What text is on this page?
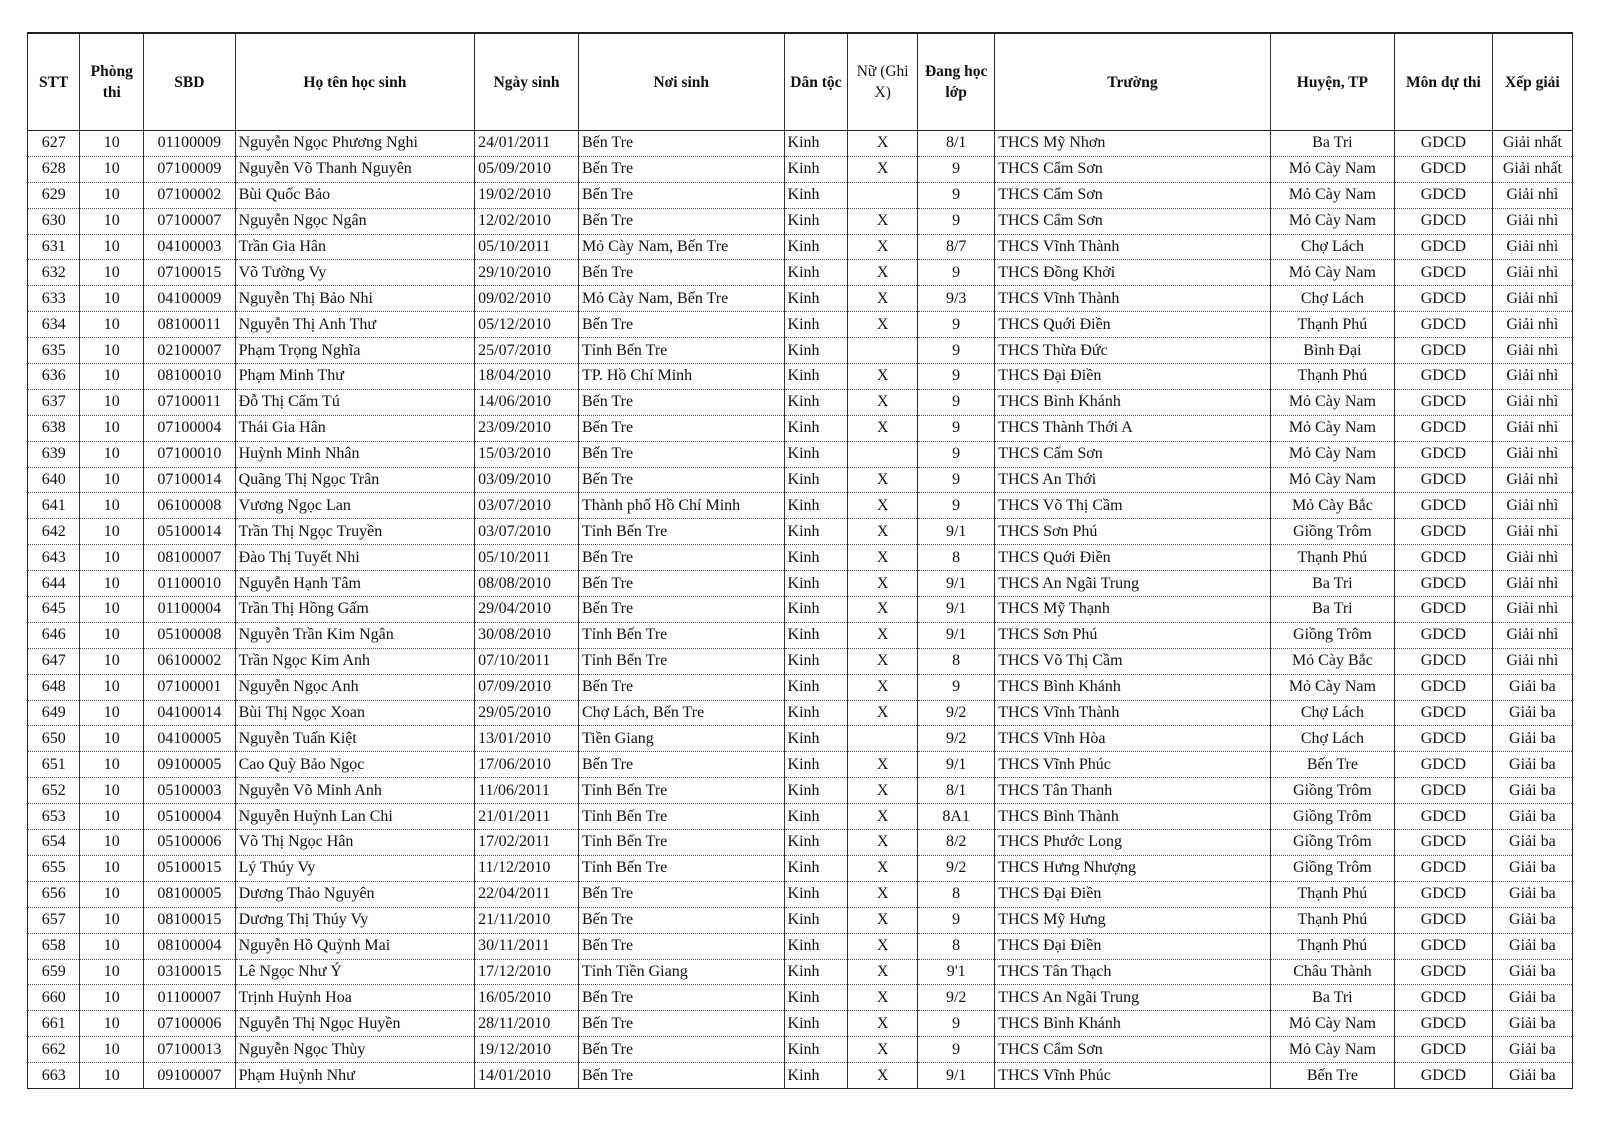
STT	Phòng thi	SBD	Họ tên học sinh	Ngày sinh	Nơi sinh	Dân tộc	Nữ (Ghi X)	Đang học lớp	Trường	Huyện, TP	Môn dự thi	Xếp giải
627	10	01100009	Nguyễn Ngọc Phương Nghi	24/01/2011	Bến Tre	Kinh	X	8/1	THCS Mỹ Nhơn	Ba Tri	GDCD	Giải nhất
628	10	07100009	Nguyễn Võ Thanh Nguyên	05/09/2010	Bến Tre	Kinh	X	9	THCS Cẩm Sơn	Mỏ Cày Nam	GDCD	Giải nhất
629	10	07100002	Bùi Quốc Bảo	19/02/2010	Bến Tre	Kinh		9	THCS Cẩm Sơn	Mỏ Cày Nam	GDCD	Giải nhì
630	10	07100007	Nguyễn Ngọc Ngân	12/02/2010	Bến Tre	Kinh	X	9	THCS Cẩm Sơn	Mỏ Cày Nam	GDCD	Giải nhì
631	10	04100003	Trần Gia Hân	05/10/2011	Mỏ Cày Nam, Bến Tre	Kinh	X	8/7	THCS Vĩnh Thành	Chợ Lách	GDCD	Giải nhì
632	10	07100015	Võ Tường Vy	29/10/2010	Bến Tre	Kinh	X	9	THCS Đồng Khởi	Mỏ Cày Nam	GDCD	Giải nhì
633	10	04100009	Nguyễn Thị Bảo Nhi	09/02/2010	Mỏ Cày Nam, Bến Tre	Kinh	X	9/3	THCS Vĩnh Thành	Chợ Lách	GDCD	Giải nhì
634	10	08100011	Nguyễn Thị Anh Thư	05/12/2010	Bến Tre	Kinh	X	9	THCS Quới Điền	Thạnh Phú	GDCD	Giải nhì
635	10	02100007	Phạm Trọng Nghĩa	25/07/2010	Tỉnh Bến Tre	Kinh		9	THCS Thừa Đức	Bình Đại	GDCD	Giải nhì
636	10	08100010	Phạm Minh Thư	18/04/2010	TP. Hồ Chí Minh	Kinh	X	9	THCS Đại Điền	Thạnh Phú	GDCD	Giải nhì
637	10	07100011	Đỗ Thị Cẩm Tú	14/06/2010	Bến Tre	Kinh	X	9	THCS Bình Khánh	Mỏ Cày Nam	GDCD	Giải nhì
638	10	07100004	Thái Gia Hân	23/09/2010	Bến Tre	Kinh	X	9	THCS Thành Thới A	Mỏ Cày Nam	GDCD	Giải nhì
639	10	07100010	Huỳnh Minh Nhân	15/03/2010	Bến Tre	Kinh		9	THCS Cẩm Sơn	Mỏ Cày Nam	GDCD	Giải nhì
640	10	07100014	Quãng Thị Ngọc Trân	03/09/2010	Bến Tre	Kinh	X	9	THCS An Thới	Mỏ Cày Nam	GDCD	Giải nhì
641	10	06100008	Vương Ngọc Lan	03/07/2010	Thành phố Hồ Chí Minh	Kinh	X	9	THCS Võ Thị Cầm	Mỏ Cày Bắc	GDCD	Giải nhì
642	10	05100014	Trần Thị Ngọc Truyền	03/07/2010	Tỉnh Bến Tre	Kinh	X	9/1	THCS Sơn Phú	Giồng Trôm	GDCD	Giải nhì
643	10	08100007	Đào Thị Tuyết Nhi	05/10/2011	Bến Tre	Kinh	X	8	THCS Quới Điền	Thạnh Phú	GDCD	Giải nhì
644	10	01100010	Nguyễn Hạnh Tâm	08/08/2010	Bến Tre	Kinh	X	9/1	THCS An Ngãi Trung	Ba Tri	GDCD	Giải nhì
645	10	01100004	Trần Thị Hồng Gấm	29/04/2010	Bến Tre	Kinh	X	9/1	THCS Mỹ Thạnh	Ba Tri	GDCD	Giải nhì
646	10	05100008	Nguyễn Trần Kim Ngân	30/08/2010	Tỉnh Bến Tre	Kinh	X	9/1	THCS Sơn Phú	Giồng Trôm	GDCD	Giải nhì
647	10	06100002	Trần Ngọc Kim Anh	07/10/2011	Tỉnh Bến Tre	Kinh	X	8	THCS Võ Thị Cầm	Mỏ Cày Bắc	GDCD	Giải nhì
648	10	07100001	Nguyễn Ngọc Anh	07/09/2010	Bến Tre	Kinh	X	9	THCS Bình Khánh	Mỏ Cày Nam	GDCD	Giải ba
649	10	04100014	Bùi Thị Ngọc Xoan	29/05/2010	Chợ Lách, Bến Tre	Kinh	X	9/2	THCS Vĩnh Thành	Chợ Lách	GDCD	Giải ba
650	10	04100005	Nguyễn Tuấn Kiệt	13/01/2010	Tiền Giang	Kinh		9/2	THCS Vĩnh Hòa	Chợ Lách	GDCD	Giải ba
651	10	09100005	Cao Quỳ Bảo Ngọc	17/06/2010	Bến Tre	Kinh	X	9/1	THCS Vĩnh Phúc	Bến Tre	GDCD	Giải ba
652	10	05100003	Nguyễn Võ Minh Anh	11/06/2011	Tỉnh Bến Tre	Kinh	X	8/1	THCS Tân Thanh	Giồng Trôm	GDCD	Giải ba
653	10	05100004	Nguyễn Huỳnh Lan Chi	21/01/2011	Tỉnh Bến Tre	Kinh	X	8A1	THCS Bình Thành	Giồng Trôm	GDCD	Giải ba
654	10	05100006	Võ Thị Ngọc Hân	17/02/2011	Tỉnh Bến Tre	Kinh	X	8/2	THCS Phước Long	Giồng Trôm	GDCD	Giải ba
655	10	05100015	Lý Thúy Vy	11/12/2010	Tỉnh Bến Tre	Kinh	X	9/2	THCS Hưng Nhượng	Giồng Trôm	GDCD	Giải ba
656	10	08100005	Dương Thảo Nguyên	22/04/2011	Bến Tre	Kinh	X	8	THCS Đại Điền	Thạnh Phú	GDCD	Giải ba
657	10	08100015	Dương Thị Thúy Vy	21/11/2010	Bến Tre	Kinh	X	9	THCS Mỹ Hưng	Thạnh Phú	GDCD	Giải ba
658	10	08100004	Nguyễn Hồ Quỳnh Mai	30/11/2011	Bến Tre	Kinh	X	8	THCS Đại Điền	Thạnh Phú	GDCD	Giải ba
659	10	03100015	Lê Ngọc Như Ý	17/12/2010	Tỉnh Tiền Giang	Kinh	X	9'1	THCS Tân Thạch	Châu Thành	GDCD	Giải ba
660	10	01100007	Trịnh Huỳnh Hoa	16/05/2010	Bến Tre	Kinh	X	9/2	THCS An Ngãi Trung	Ba Tri	GDCD	Giải ba
661	10	07100006	Nguyễn Thị Ngọc Huyền	28/11/2010	Bến Tre	Kinh	X	9	THCS Bình Khánh	Mỏ Cày Nam	GDCD	Giải ba
662	10	07100013	Nguyễn Ngọc Thùy	19/12/2010	Bến Tre	Kinh	X	9	THCS Cẩm Sơn	Mỏ Cày Nam	GDCD	Giải ba
663	10	09100007	Phạm Huỳnh Như	14/01/2010	Bến Tre	Kinh	X	9/1	THCS Vĩnh Phúc	Bến Tre	GDCD	Giải ba
